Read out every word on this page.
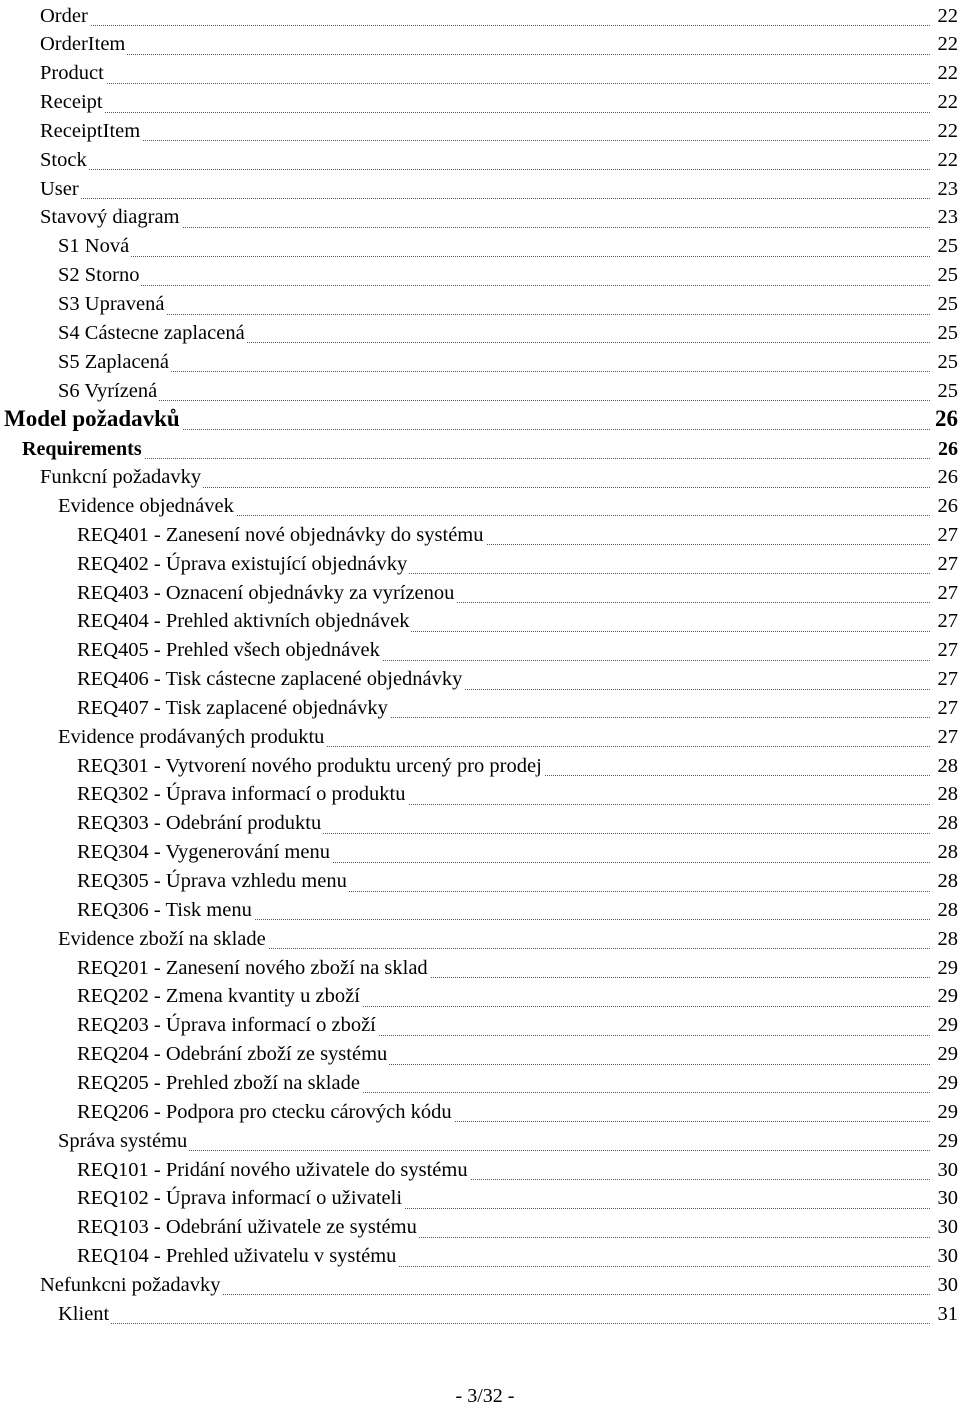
Order	22
OrderItem	22
Product	22
Receipt	22
ReceiptItem	22
Stock	22
User	23
Stavový diagram	23
S1 Nová	25
S2 Storno	25
S3 Upravená	25
S4 Cástecne zaplacená	25
S5 Zaplacená	25
S6 Vyrízená	25
Model požadavků	26
Requirements	26
Funkcní požadavky	26
Evidence objednávek	26
REQ401 - Zanesení nové objednávky do systému	27
REQ402 - Úprava existující objednávky	27
REQ403 - Oznacení objednávky za vyrízenou	27
REQ404 - Prehled aktivních objednávek	27
REQ405 - Prehled všech objednávek	27
REQ406 - Tisk cástecne zaplacené objednávky	27
REQ407 - Tisk zaplacené objednávky	27
Evidence prodávaných produktu	27
REQ301 - Vytvorení nového produktu urcený pro prodej	28
REQ302 - Úprava informací o produktu	28
REQ303 - Odebrání produktu	28
REQ304 - Vygenerování menu	28
REQ305 - Úprava vzhledu menu	28
REQ306 - Tisk menu	28
Evidence zboží na sklade	28
REQ201 - Zanesení nového zboží na sklad	29
REQ202 - Zmena kvantity u zboží	29
REQ203 - Úprava informací o zboží	29
REQ204 - Odebrání zboží ze systému	29
REQ205 - Prehled zboží na sklade	29
REQ206 - Podpora pro ctecku cárových kódu	29
Správa systému	29
REQ101 - Pridání nového uživatele do systému	30
REQ102 - Úprava informací o uživateli	30
REQ103 - Odebrání uživatele ze systému	30
REQ104 - Prehled uživatelu v systému	30
Nefunkcni požadavky	30
Klient	31
- 3/32 -
